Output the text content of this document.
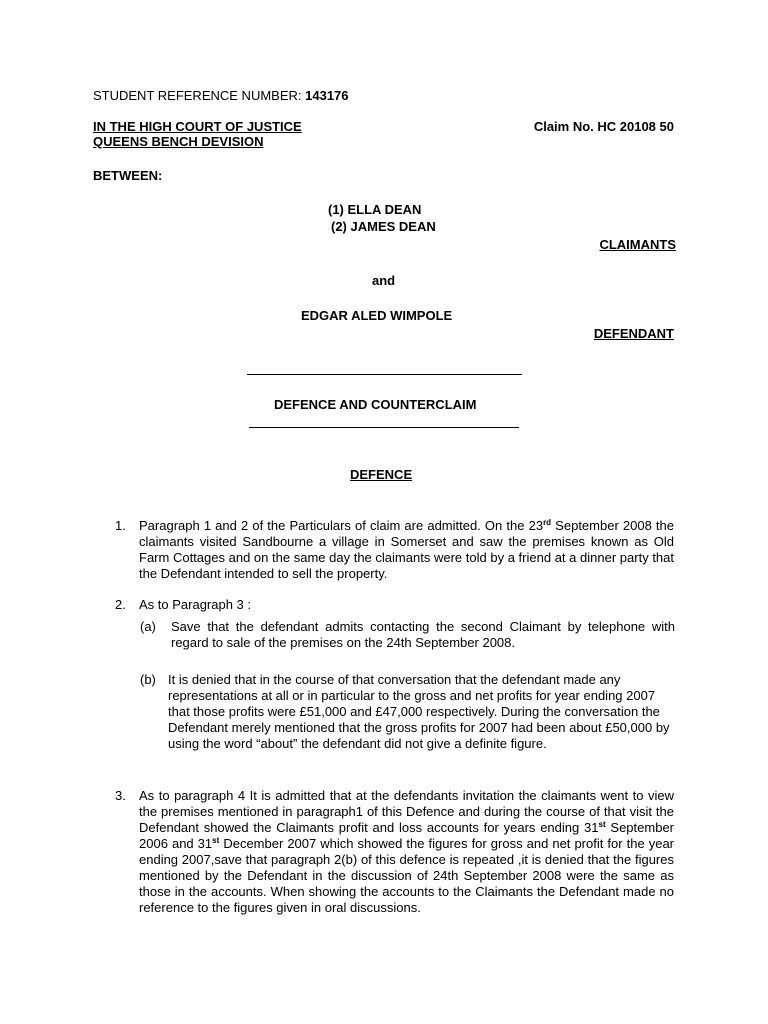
STUDENT REFERENCE NUMBER: 143176
IN THE HIGH COURT OF JUSTICE
QUEENS BENCH DEVISION
Claim No. HC 20108 50
BETWEEN:
(1) ELLA DEAN
(2) JAMES DEAN
CLAIMANTS
and
EDGAR ALED WIMPOLE
DEFENDANT
DEFENCE AND COUNTERCLAIM
DEFENCE
1. Paragraph 1 and 2 of the Particulars of claim are admitted. On the 23rd September 2008 the claimants visited Sandbourne a village in Somerset and saw the premises known as Old Farm Cottages and on the same day the claimants were told by a friend at a dinner party that the Defendant intended to sell the property.
2. As to Paragraph 3 :
(a) Save that the defendant admits contacting the second Claimant by telephone with regard to sale of the premises on the 24th September 2008.
(b) It is denied that in the course of that conversation that the defendant made any representations at all or in particular to the gross and net profits for year ending 2007 that those profits were £51,000 and £47,000 respectively. During the conversation the Defendant merely mentioned that the gross profits for 2007 had been about £50,000 by using the word “about” the defendant did not give a definite figure.
3. As to paragraph 4 It is admitted that at the defendants invitation the claimants went to view the premises mentioned in paragraph1 of this Defence and during the course of that visit the Defendant showed the Claimants profit and loss accounts for years ending 31st September 2006 and 31st December 2007 which showed the figures for gross and net profit for the year ending 2007,save that paragraph 2(b) of this defence is repeated ,it is denied that the figures mentioned by the Defendant in the discussion of 24th September 2008 were the same as those in the accounts. When showing the accounts to the Claimants the Defendant made no reference to the figures given in oral discussions.
